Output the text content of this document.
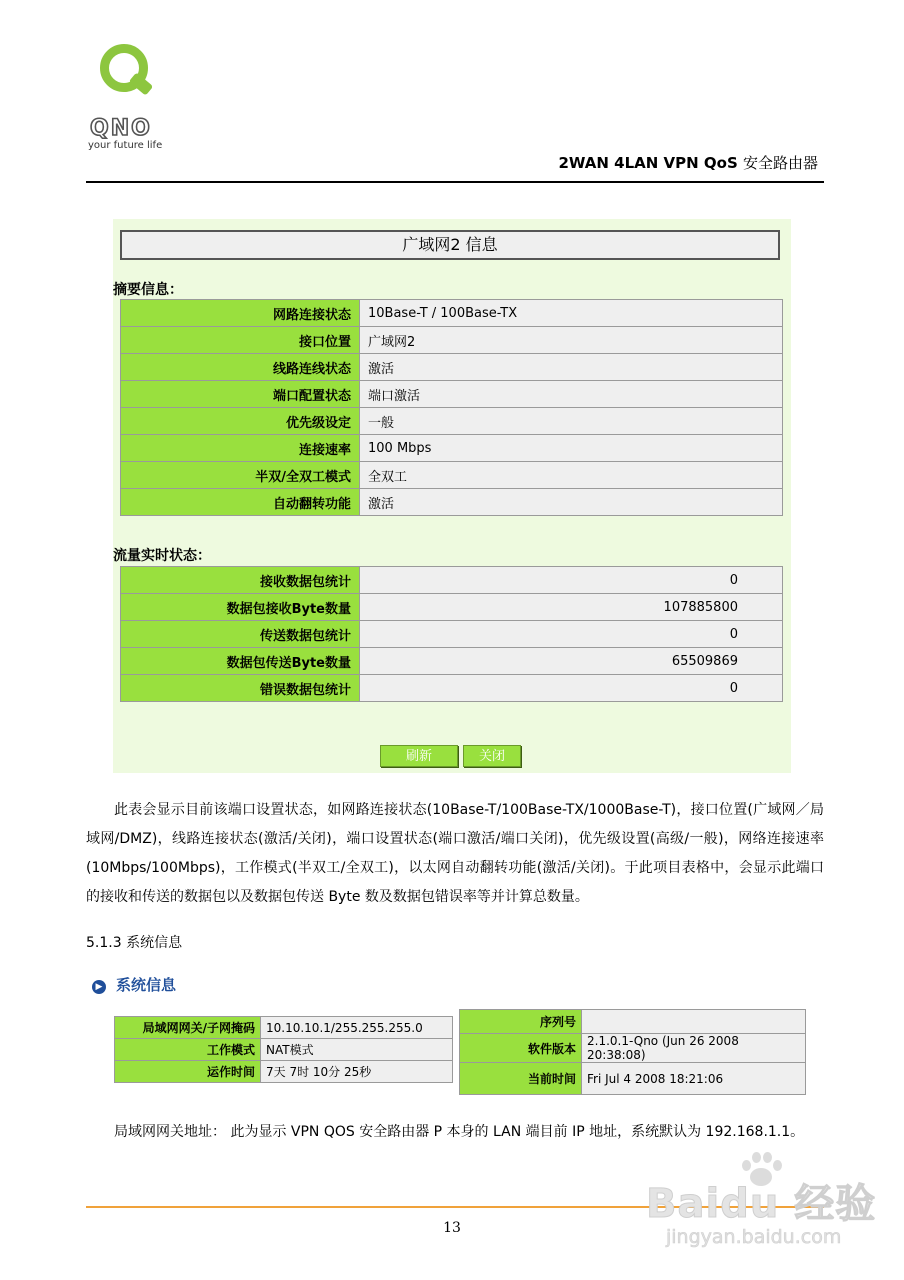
QNO
your future life
2WAN 4LAN VPN QoS 安全路由器
广域网2 信息
摘要信息：
网路连接状态	10Base-T / 100Base-TX
接口位置	广域网2
线路连线状态	激活
端口配置状态	端口激活
优先级设定	一般
连接速率	100 Mbps
半双/全双工模式	全双工
自动翻转功能	激活
流量实时状态：
接收数据包统计	0
数据包接收Byte数量	107885800
传送数据包统计	0
数据包传送Byte数量	65509869
错误数据包统计	0
刷新	关闭
此表会显示目前该端口设置状态，如网路连接状态(10Base-T/100Base-TX/1000Base-T)，接口位置(广域网／局域网/DMZ)，线路连接状态(激活/关闭)，端口设置状态(端口激活/端口关闭)，优先级设置(高级/一般)，网络连接速率(10Mbps/100Mbps)，工作模式(半双工/全双工)，以太网自动翻转功能(激活/关闭)。于此项目表格中，会显示此端口的接收和传送的数据包以及数据包传送 Byte 数及数据包错误率等并计算总数量。
5.1.3 系统信息
▶ 系统信息
局域网网关/子网掩码	10.10.10.1/255.255.255.0
工作模式	NAT模式
运作时间	7天 7时 10分 25秒
序列号	
软件版本	2.1.0.1-Qno (Jun 26 2008 20:38:08)
当前时间	Fri Jul 4 2008 18:21:06
局域网网关地址： 此为显示 VPN QOS 安全路由器 P 本身的 LAN 端目前 IP 地址，系统默认为 192.168.1.1。
13
Baidu 经验
jingyan.baidu.com
